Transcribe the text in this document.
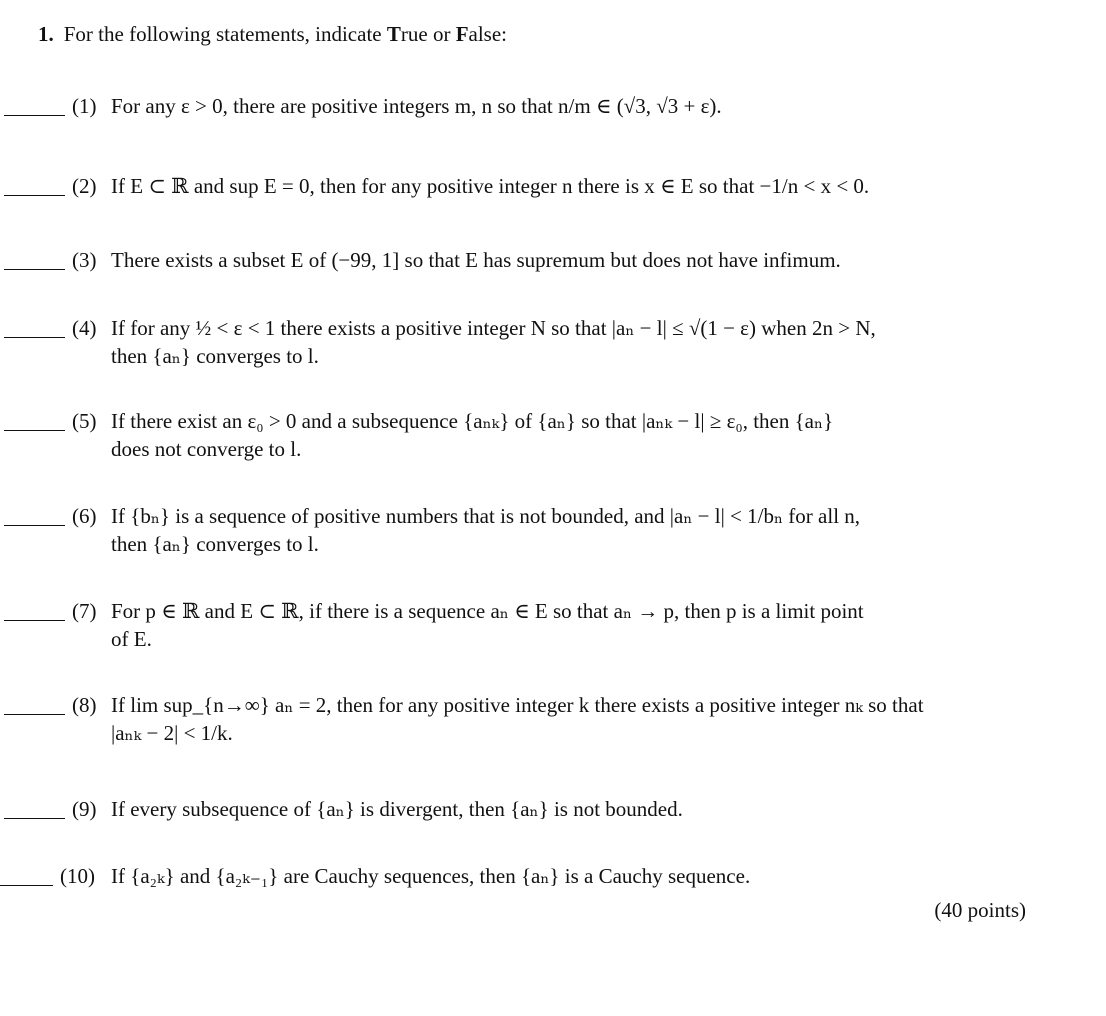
1. For the following statements, indicate True or False:
(1) For any ε > 0, there are positive integers m, n so that n/m ∈ (√3, √3 + ε).
(2) If E ⊂ ℝ and sup E = 0, then for any positive integer n there is x ∈ E so that −1/n < x < 0.
(3) There exists a subset E of (−99, 1] so that E has supremum but does not have infimum.
(4) If for any ½ < ε < 1 there exists a positive integer N so that |aₙ − l| ≤ √(1 − ε) when 2n > N,
then {aₙ} converges to l.
(5) If there exist an ε₀ > 0 and a subsequence {aₙₖ} of {aₙ} so that |aₙₖ − l| ≥ ε₀, then {aₙ}
does not converge to l.
(6) If {bₙ} is a sequence of positive numbers that is not bounded, and |aₙ − l| < 1/bₙ for all n,
then {aₙ} converges to l.
(7) For p ∈ ℝ and E ⊂ ℝ, if there is a sequence aₙ ∈ E so that aₙ → p, then p is a limit point
of E.
(8) If lim sup_{n→∞} aₙ = 2, then for any positive integer k there exists a positive integer nₖ so that
|aₙₖ − 2| < 1/k.
(9) If every subsequence of {aₙ} is divergent, then {aₙ} is not bounded.
(10) If {a₂ₖ} and {a₂ₖ₋₁} are Cauchy sequences, then {aₙ} is a Cauchy sequence.
(40 points)
